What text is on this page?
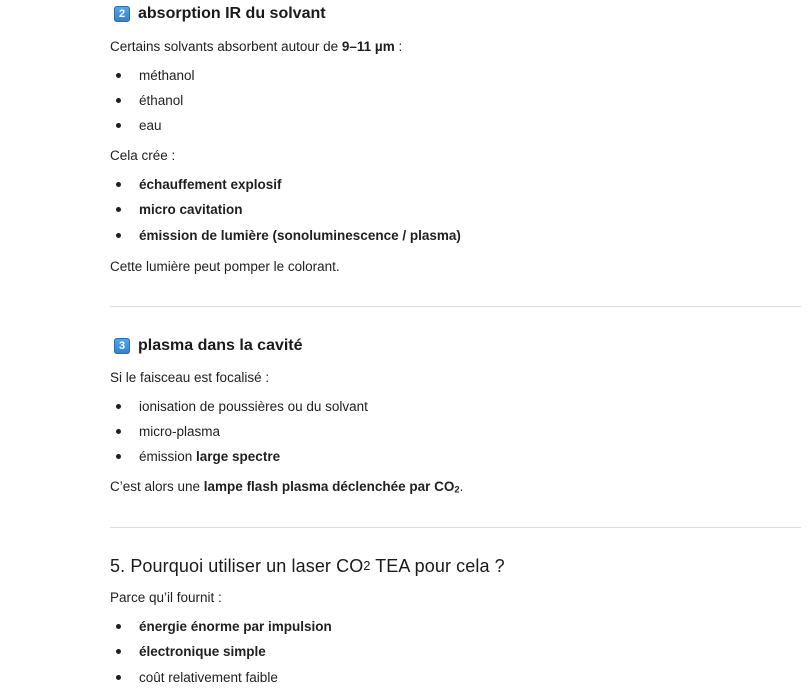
2 absorption IR du solvant

Certains solvants absorbent autour de 9–11 µm :

méthanol
éthanol
eau

Cela crée :

échauffement explosif
micro cavitation
émission de lumière (sonoluminescence / plasma)

Cette lumière peut pomper le colorant.

3 plasma dans la cavité

Si le faisceau est focalisé :

ionisation de poussières ou du solvant
micro-plasma
émission large spectre

C’est alors une lampe flash plasma déclenchée par $CO_2$.

5. Pourquoi utiliser un laser CO 2 TEA pour cela ?

Parce qu’il fournit :

énergie énorme par impulsion
électronique simple
coût relativement faible
